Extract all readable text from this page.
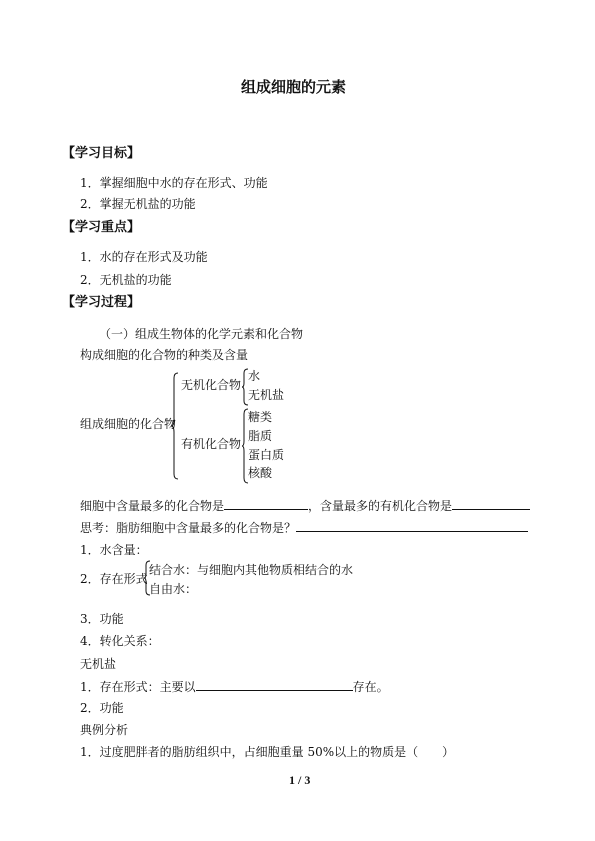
组成细胞的元素
【学习目标】
1．掌握细胞中水的存在形式、功能
2．掌握无机盐的功能
【学习重点】
1．水的存在形式及功能
2．无机盐的功能
【学习过程】
（一）组成生物体的化学元素和化合物
构成细胞的化合物的种类及含量
组成细胞的化合物
无机化合物
水
无机盐
有机化合物
糖类
脂质
蛋白质
核酸
细胞中含量最多的化合物是	，含量最多的有机化合物是
思考：脂肪细胞中含量最多的化合物是？
1．水含量：
2．存在形式
结合水：与细胞内其他物质相结合的水
自由水：
3．功能
4．转化关系：
无机盐
1．存在形式：主要以	存在。
2．功能
典例分析
1．过度肥胖者的脂肪组织中，占细胞重量 50%以上的物质是（　　）
1 / 3
